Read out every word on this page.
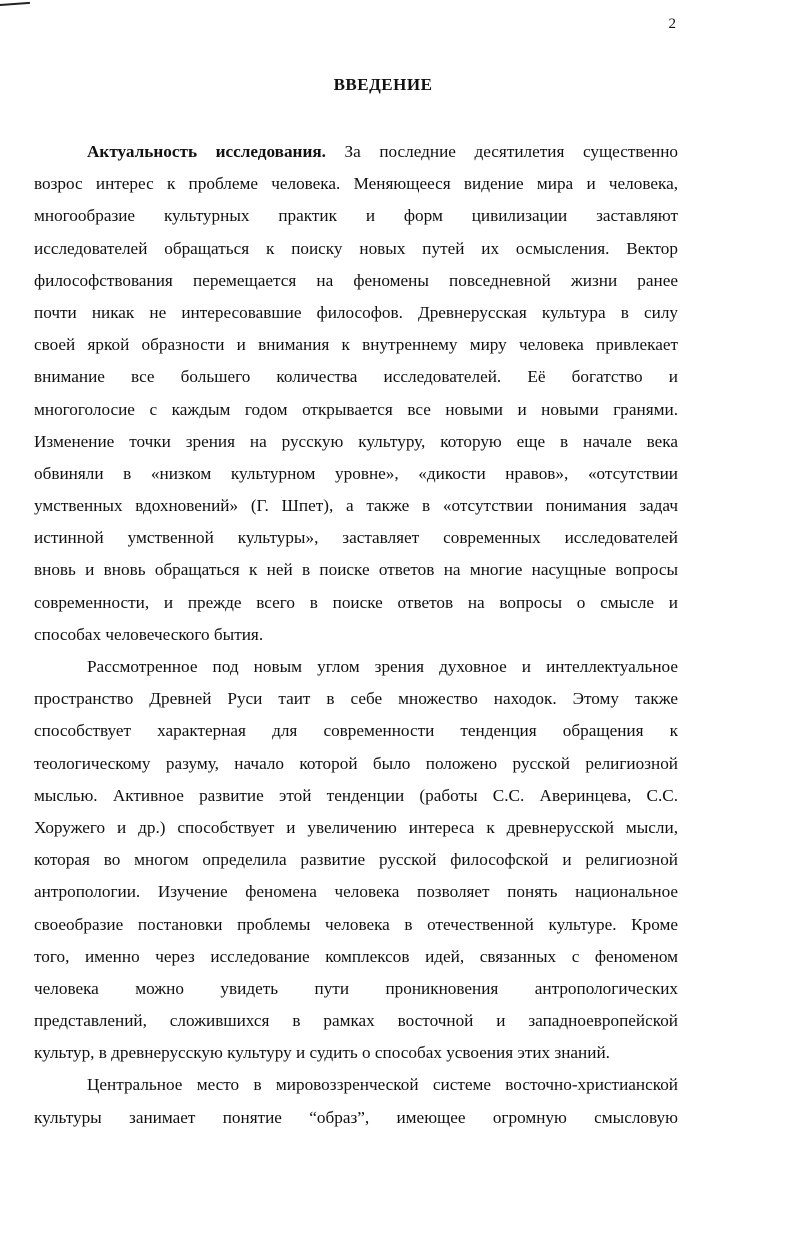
2
ВВЕДЕНИЕ
Актуальность исследования. За последние десятилетия существенно
возрос интерес к проблеме человека. Меняющееся видение мира и человека,
многообразие культурных практик и форм цивилизации заставляют
исследователей обращаться к поиску новых путей их осмысления. Вектор
философствования перемещается на феномены повседневной жизни ранее
почти никак не интересовавшие философов. Древнерусская культура в силу
своей яркой образности и внимания к внутреннему миру человека привлекает
внимание все большего количества исследователей. Её богатство и
многоголосие с каждым годом открывается все новыми и новыми гранями.
Изменение точки зрения на русскую культуру, которую еще в начале века
обвиняли в «низком культурном уровне», «дикости нравов», «отсутствии
умственных вдохновений» (Г. Шпет), а также в «отсутствии понимания задач
истинной умственной культуры», заставляет современных исследователей
вновь и вновь обращаться к ней в поиске ответов на многие насущные вопросы
современности, и прежде всего в поиске ответов на вопросы о смысле и
способах человеческого бытия.
Рассмотренное под новым углом зрения духовное и интеллектуальное
пространство Древней Руси таит в себе множество находок. Этому также
способствует характерная для современности тенденция обращения к
теологическому разуму, начало которой было положено русской религиозной
мыслью. Активное развитие этой тенденции (работы С.С. Аверинцева, С.С.
Хоружего и др.) способствует и увеличению интереса к древнерусской мысли,
которая во многом определила развитие русской философской и религиозной
антропологии. Изучение феномена человека позволяет понять национальное
своеобразие постановки проблемы человека в отечественной культуре. Кроме
того, именно через исследование комплексов идей, связанных с феноменом
человека можно увидеть пути проникновения антропологических
представлений, сложившихся в рамках восточной и западноевропейской
культур, в древнерусскую культуру и судить о способах усвоения этих знаний.
Центральное место в мировоззренческой системе восточно-христианской
культуры занимает понятие “образ”, имеющее огромную смысловую
